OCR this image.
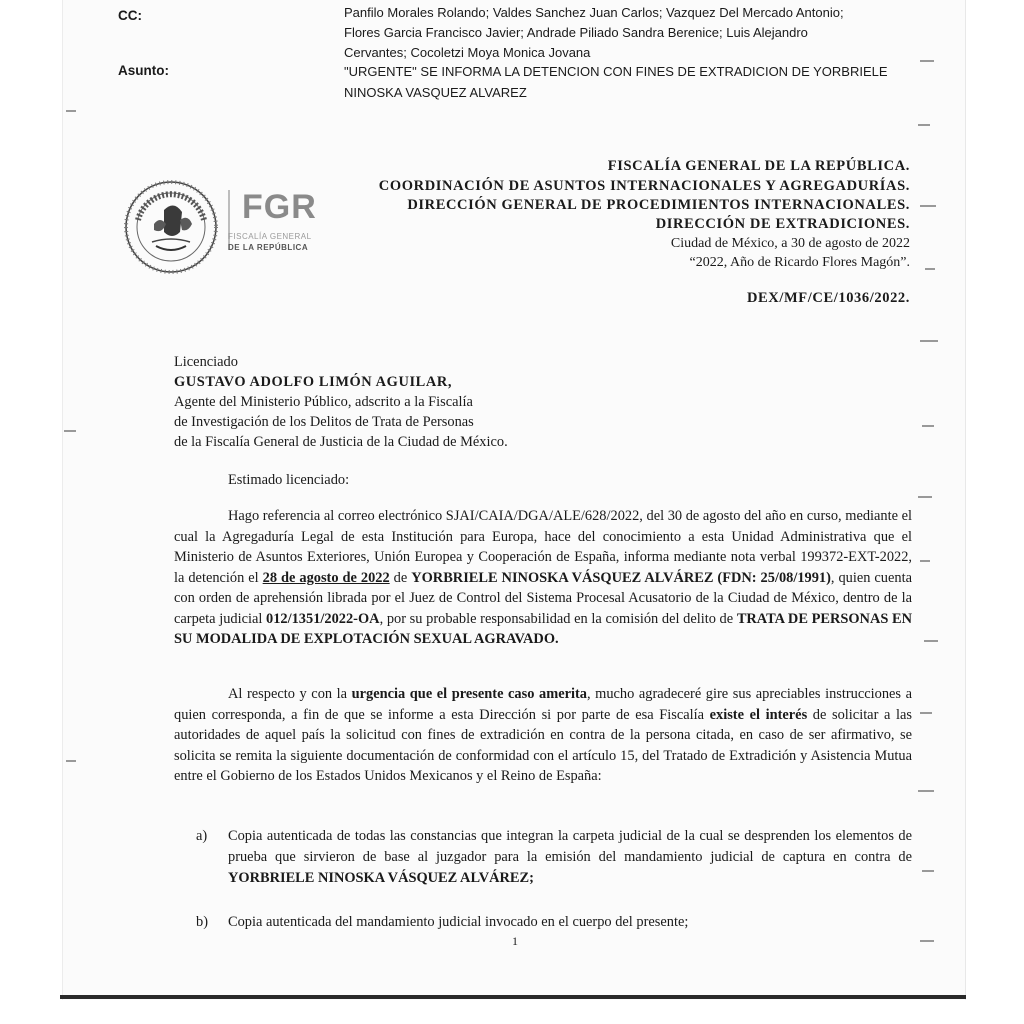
CC:	Panfilo Morales Rolando; Valdes Sanchez Juan Carlos; Vazquez Del Mercado Antonio;
Flores Garcia Francisco Javier; Andrade Piliado Sandra Berenice; Luis Alejandro
Cervantes; Cocoletzi Moya Monica Jovana
Asunto:	"URGENTE" SE INFORMA LA DETENCION CON FINES DE EXTRADICION DE YORBRIELE
NINOSKA VASQUEZ ALVAREZ
FGR
FISCALÍA GENERAL
DE LA REPÚBLICA
FISCALÍA GENERAL DE LA REPÚBLICA.
COORDINACIÓN DE ASUNTOS INTERNACIONALES Y AGREGADURÍAS.
DIRECCIÓN GENERAL DE PROCEDIMIENTOS INTERNACIONALES.
DIRECCIÓN DE EXTRADICIONES.
Ciudad de México, a 30 de agosto de 2022
“2022, Año de Ricardo Flores Magón”.
DEX/MF/CE/1036/2022.
Licenciado
GUSTAVO ADOLFO LIMÓN AGUILAR,
Agente del Ministerio Público, adscrito a la Fiscalía
de Investigación de los Delitos de Trata de Personas
de la Fiscalía General de Justicia de la Ciudad de México.
Estimado licenciado:
Hago referencia al correo electrónico SJAI/CAIA/DGA/ALE/628/2022, del 30 de agosto del año en curso, mediante el cual la Agregaduría Legal de esta Institución para Europa, hace del conocimiento a esta Unidad Administrativa que el Ministerio de Asuntos Exteriores, Unión Europea y Cooperación de España, informa mediante nota verbal 199372-EXT-2022, la detención el 28 de agosto de 2022 de YORBRIELE NINOSKA VÁSQUEZ ALVÁREZ (FDN: 25/08/1991), quien cuenta con orden de aprehensión librada por el Juez de Control del Sistema Procesal Acusatorio de la Ciudad de México, dentro de la carpeta judicial 012/1351/2022-OA, por su probable responsabilidad en la comisión del delito de TRATA DE PERSONAS EN SU MODALIDA DE EXPLOTACIÓN SEXUAL AGRAVADO.
Al respecto y con la urgencia que el presente caso amerita, mucho agradeceré gire sus apreciables instrucciones a quien corresponda, a fin de que se informe a esta Dirección si por parte de esa Fiscalía existe el interés de solicitar a las autoridades de aquel país la solicitud con fines de extradición en contra de la persona citada, en caso de ser afirmativo, se solicita se remita la siguiente documentación de conformidad con el artículo 15, del Tratado de Extradición y Asistencia Mutua entre el Gobierno de los Estados Unidos Mexicanos y el Reino de España:
a) Copia autenticada de todas las constancias que integran la carpeta judicial de la cual se desprenden los elementos de prueba que sirvieron de base al juzgador para la emisión del mandamiento judicial de captura en contra de YORBRIELE NINOSKA VÁSQUEZ ALVÁREZ;
b) Copia autenticada del mandamiento judicial invocado en el cuerpo del presente;
1
